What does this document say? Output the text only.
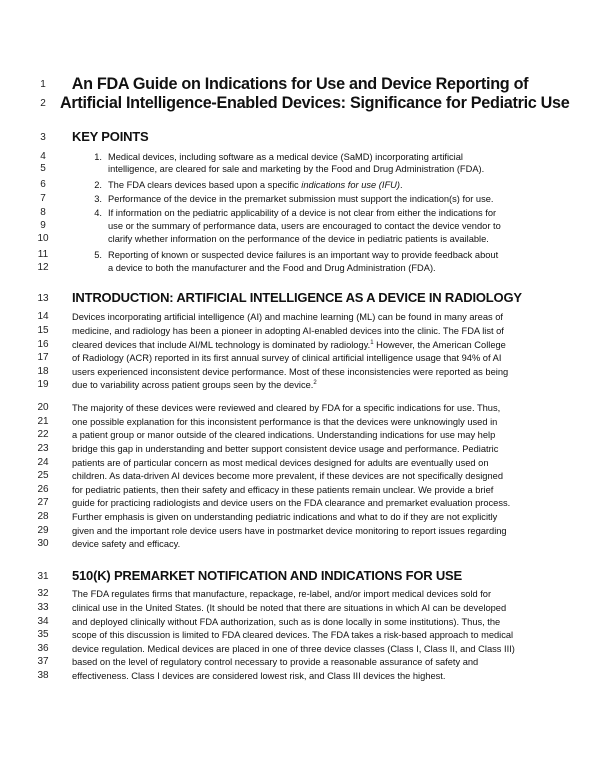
1
2
3
4
5
6
7
8
9
10
11
12
13
14
15
16
17
18
19
20
21
22
23
24
25
26
27
28
29
30
31
32
33
34
35
36
37
38
An FDA Guide on Indications for Use and Device Reporting of
Artificial Intelligence-Enabled Devices: Significance for Pediatric Use
KEY POINTS
1. Medical devices, including software as a medical device (SaMD) incorporating artificial
intelligence, are cleared for sale and marketing by the Food and Drug Administration (FDA).
2. The FDA clears devices based upon a specific indications for use (IFU).
3. Performance of the device in the premarket submission must support the indication(s) for use.
4. If information on the pediatric applicability of a device is not clear from either the indications for
use or the summary of performance data, users are encouraged to contact the device vendor to
clarify whether information on the performance of the device in pediatric patients is available.
5. Reporting of known or suspected device failures is an important way to provide feedback about
a device to both the manufacturer and the Food and Drug Administration (FDA).
INTRODUCTION: ARTIFICIAL INTELLIGENCE AS A DEVICE IN RADIOLOGY
Devices incorporating artificial intelligence (AI) and machine learning (ML) can be found in many areas of
medicine, and radiology has been a pioneer in adopting AI-enabled devices into the clinic. The FDA list of
cleared devices that include AI/ML technology is dominated by radiology.$^1$ However, the American College
of Radiology (ACR) reported in its first annual survey of clinical artificial intelligence usage that 94% of AI
users experienced inconsistent device performance. Most of these inconsistencies were reported as being
due to variability across patient groups seen by the device.$^2$
The majority of these devices were reviewed and cleared by FDA for a specific indications for use. Thus,
one possible explanation for this inconsistent performance is that the devices were unknowingly used in
a patient group or manor outside of the cleared indications. Understanding indications for use may help
bridge this gap in understanding and better support consistent device usage and performance. Pediatric
patients are of particular concern as most medical devices designed for adults are eventually used on
children. As data-driven AI devices become more prevalent, if these devices are not specifically designed
for pediatric patients, then their safety and efficacy in these patients remain unclear. We provide a brief
guide for practicing radiologists and device users on the FDA clearance and premarket evaluation process.
Further emphasis is given on understanding pediatric indications and what to do if they are not explicitly
given and the important role device users have in postmarket device monitoring to report issues regarding
device safety and efficacy.
510(K) PREMARKET NOTIFICATION AND INDICATIONS FOR USE
The FDA regulates firms that manufacture, repackage, re-label, and/or import medical devices sold for
clinical use in the United States. (It should be noted that there are situations in which AI can be developed
and deployed clinically without FDA authorization, such as is done locally in some institutions). Thus, the
scope of this discussion is limited to FDA cleared devices. The FDA takes a risk-based approach to medical
device regulation. Medical devices are placed in one of three device classes (Class I, Class II, and Class III)
based on the level of regulatory control necessary to provide a reasonable assurance of safety and
effectiveness. Class I devices are considered lowest risk, and Class III devices the highest.
